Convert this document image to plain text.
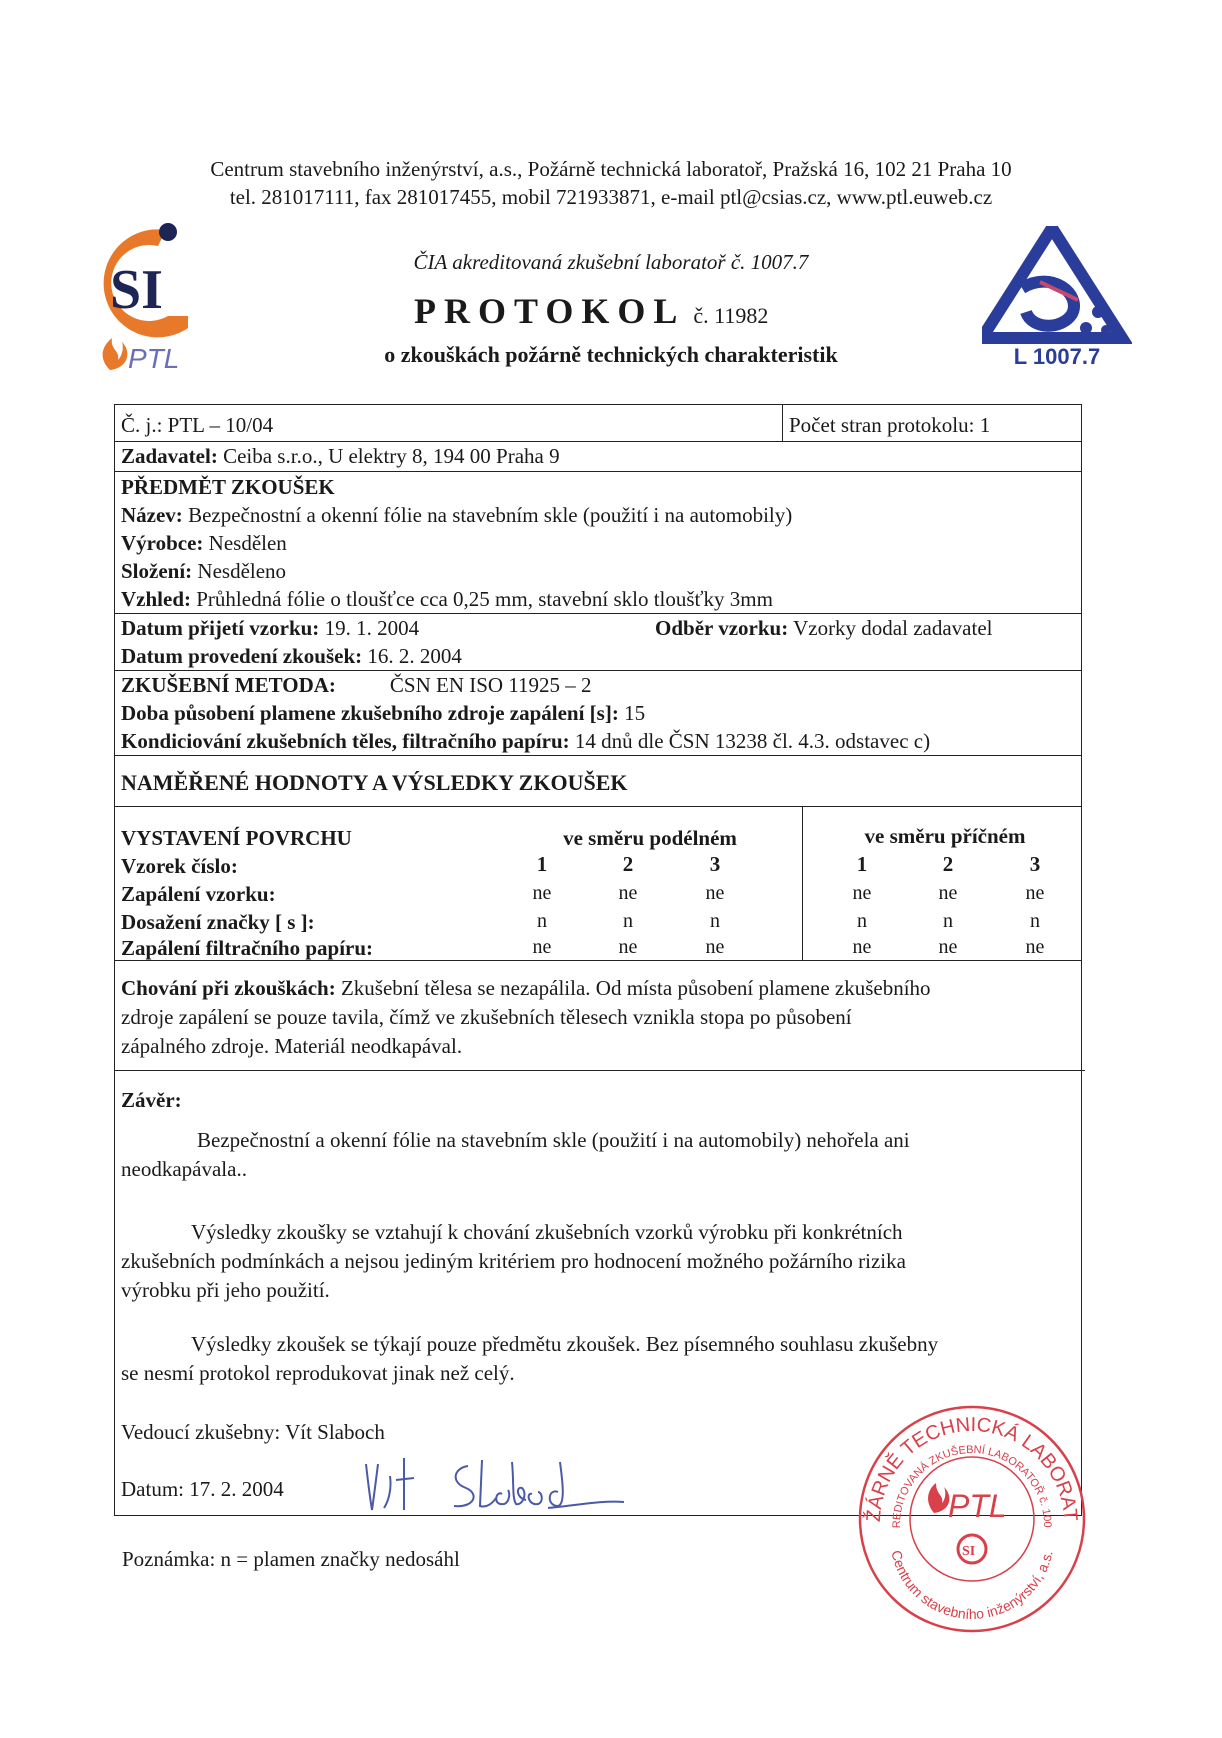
Centrum stavebního inženýrství, a.s., Požárně technická laboratoř, Pražská 16, 102 21 Praha 10
tel. 281017111, fax 281017455, mobil 721933871, e-mail ptl@csias.cz, www.ptl.euweb.cz
SI
PTL
ČIA akreditovaná zkušební laboratoř č. 1007.7
PROTOKOL č. 11982
o zkouškách požárně technických charakteristik	L 1007.7
Č. j.: PTL – 10/04	Počet stran protokolu: 1
Zadavatel: Ceiba s.r.o., U elektry 8, 194 00 Praha 9
PŘEDMĚT ZKOUŠEK
Název: Bezpečnostní a okenní fólie na stavebním skle (použití i na automobily)
Výrobce: Nesdělen
Složení: Nesděleno
Vzhled: Průhledná fólie o tloušťce cca 0,25 mm, stavební sklo tloušťky 3mm
Datum přijetí vzorku: 19. 1. 2004	Odběr vzorku: Vzorky dodal zadavatel
Datum provedení zkoušek: 16. 2. 2004
ZKUŠEBNÍ METODA:	ČSN EN ISO 11925 – 2
Doba působení plamene zkušebního zdroje zapálení [s]: 15
Kondiciování zkušebních těles, filtračního papíru: 14 dnů dle ČSN 13238 čl. 4.3. odstavec c)
NAMĚŘENÉ HODNOTY A VÝSLEDKY ZKOUŠEK
VYSTAVENÍ POVRCHU	ve směru podélném	ve směru příčném
Vzorek číslo:	1	2	3	1	2	3
Zapálení vzorku:	ne	ne	ne	ne	ne	ne
Dosažení značky [ s ]:	n	n	n	n	n	n
Zapálení filtračního papíru:	ne	ne	ne	ne	ne	ne
Chování při zkouškách: Zkušební tělesa se nezapálila. Od místa působení plamene zkušebního
zdroje zapálení se pouze tavila, čímž ve zkušebních tělesech vznikla stopa po působení
zápalného zdroje. Materiál neodkapával.
Závěr:
Bezpečnostní a okenní fólie na stavebním skle (použití i na automobily) nehořela ani
neodkapávala..
Výsledky zkoušky se vztahují k chování zkušebních vzorků výrobku při konkrétních
zkušebních podmínkách a nejsou jediným kritériem pro hodnocení možného požárního rizika
výrobku při jeho použití.
Výsledky zkoušek se týkají pouze předmětu zkoušek. Bez písemného souhlasu zkušebny
se nesmí protokol reprodukovat jinak než celý.
Vedoucí zkušebny: Vít Slaboch
Datum: 17. 2. 2004
Poznámka: n = plamen značky nedosáhl
ŽÁRNĚ TECHNICKÁ LABORAT
REDITOVANÁ ZKUŠEBNÍ LABORATOŘ č. 100
Centrum stavebního inženýrství, a.s.
PTL
SI
